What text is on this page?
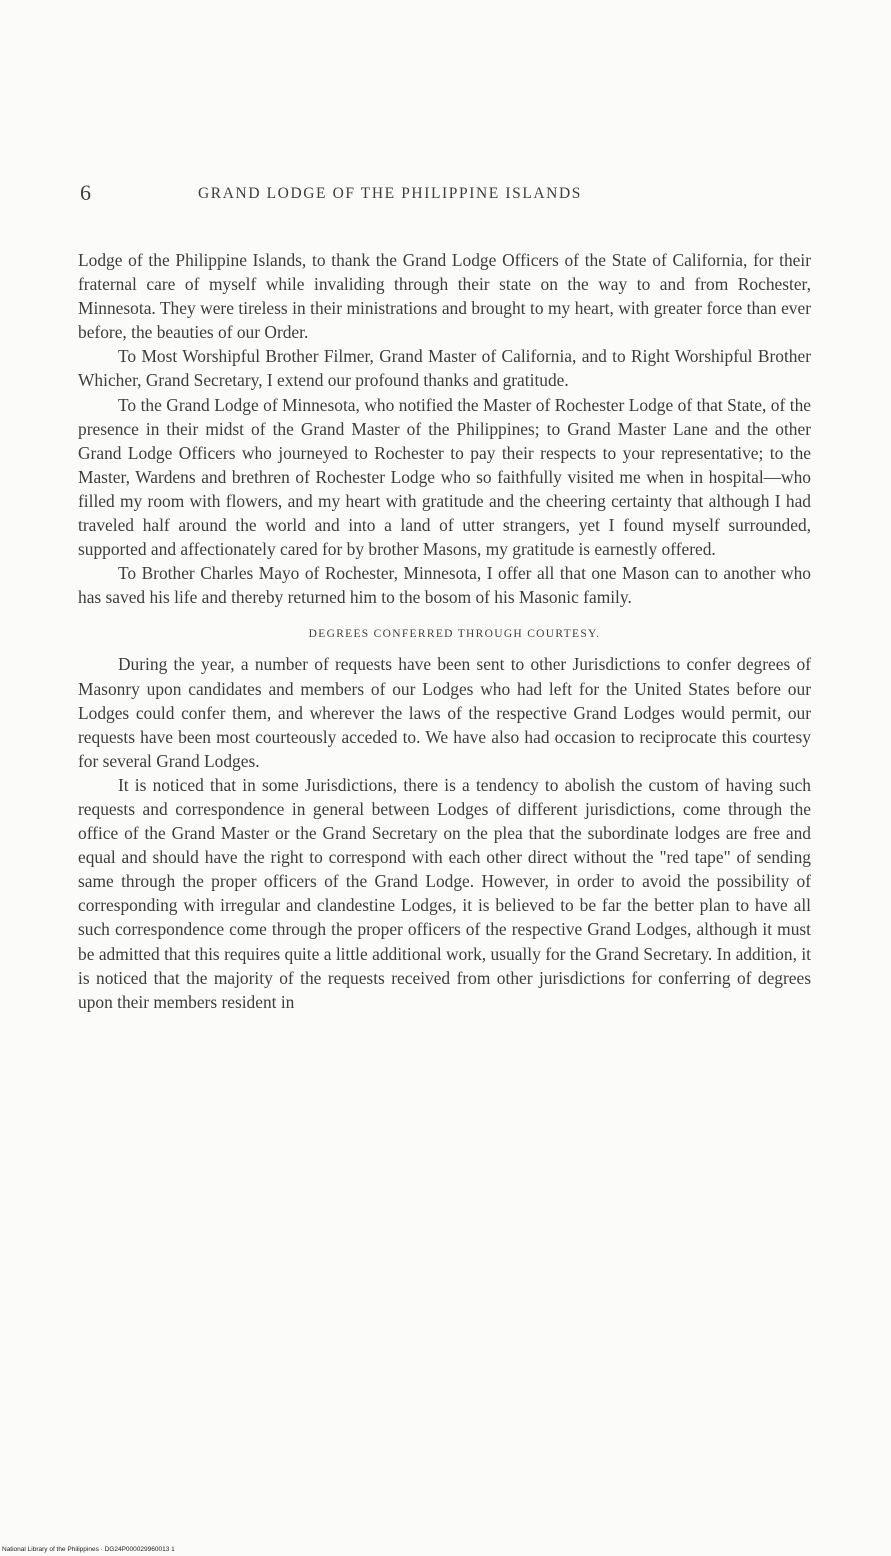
6	GRAND LODGE OF THE PHILIPPINE ISLANDS

Lodge of the Philippine Islands, to thank the Grand Lodge Officers of the State of California, for their fraternal care of myself while invaliding through their state on the way to and from Rochester, Minnesota. They were tireless in their ministrations and brought to my heart, with greater force than ever before, the beauties of our Order.

To Most Worshipful Brother Filmer, Grand Master of California, and to Right Worshipful Brother Whicher, Grand Secretary, I extend our profound thanks and gratitude.

To the Grand Lodge of Minnesota, who notified the Master of Rochester Lodge of that State, of the presence in their midst of the Grand Master of the Philippines; to Grand Master Lane and the other Grand Lodge Officers who journeyed to Rochester to pay their respects to your representative; to the Master, Wardens and brethren of Rochester Lodge who so faithfully visited me when in hospital—who filled my room with flowers, and my heart with gratitude and the cheering certainty that although I had traveled half around the world and into a land of utter strangers, yet I found myself surrounded, supported and affectionately cared for by brother Masons, my gratitude is earnestly offered.

To Brother Charles Mayo of Rochester, Minnesota, I offer all that one Mason can to another who has saved his life and thereby returned him to the bosom of his Masonic family.

DEGREES CONFERRED THROUGH COURTESY.

During the year, a number of requests have been sent to other Jurisdictions to confer degrees of Masonry upon candidates and members of our Lodges who had left for the United States before our Lodges could confer them, and wherever the laws of the respective Grand Lodges would permit, our requests have been most courteously acceded to. We have also had occasion to reciprocate this courtesy for several Grand Lodges.

It is noticed that in some Jurisdictions, there is a tendency to abolish the custom of having such requests and correspondence in general between Lodges of different jurisdictions, come through the office of the Grand Master or the Grand Secretary on the plea that the subordinate lodges are free and equal and should have the right to correspond with each other direct without the "red tape" of sending same through the proper officers of the Grand Lodge. However, in order to avoid the possibility of corresponding with irregular and clandestine Lodges, it is believed to be far the better plan to have all such correspondence come through the proper officers of the respective Grand Lodges, although it must be admitted that this requires quite a little additional work, usually for the Grand Secretary. In addition, it is noticed that the majority of the requests received from other jurisdictions for conferring of degrees upon their members resident in

National Library of the Philippines · DG24P000029960013 1
